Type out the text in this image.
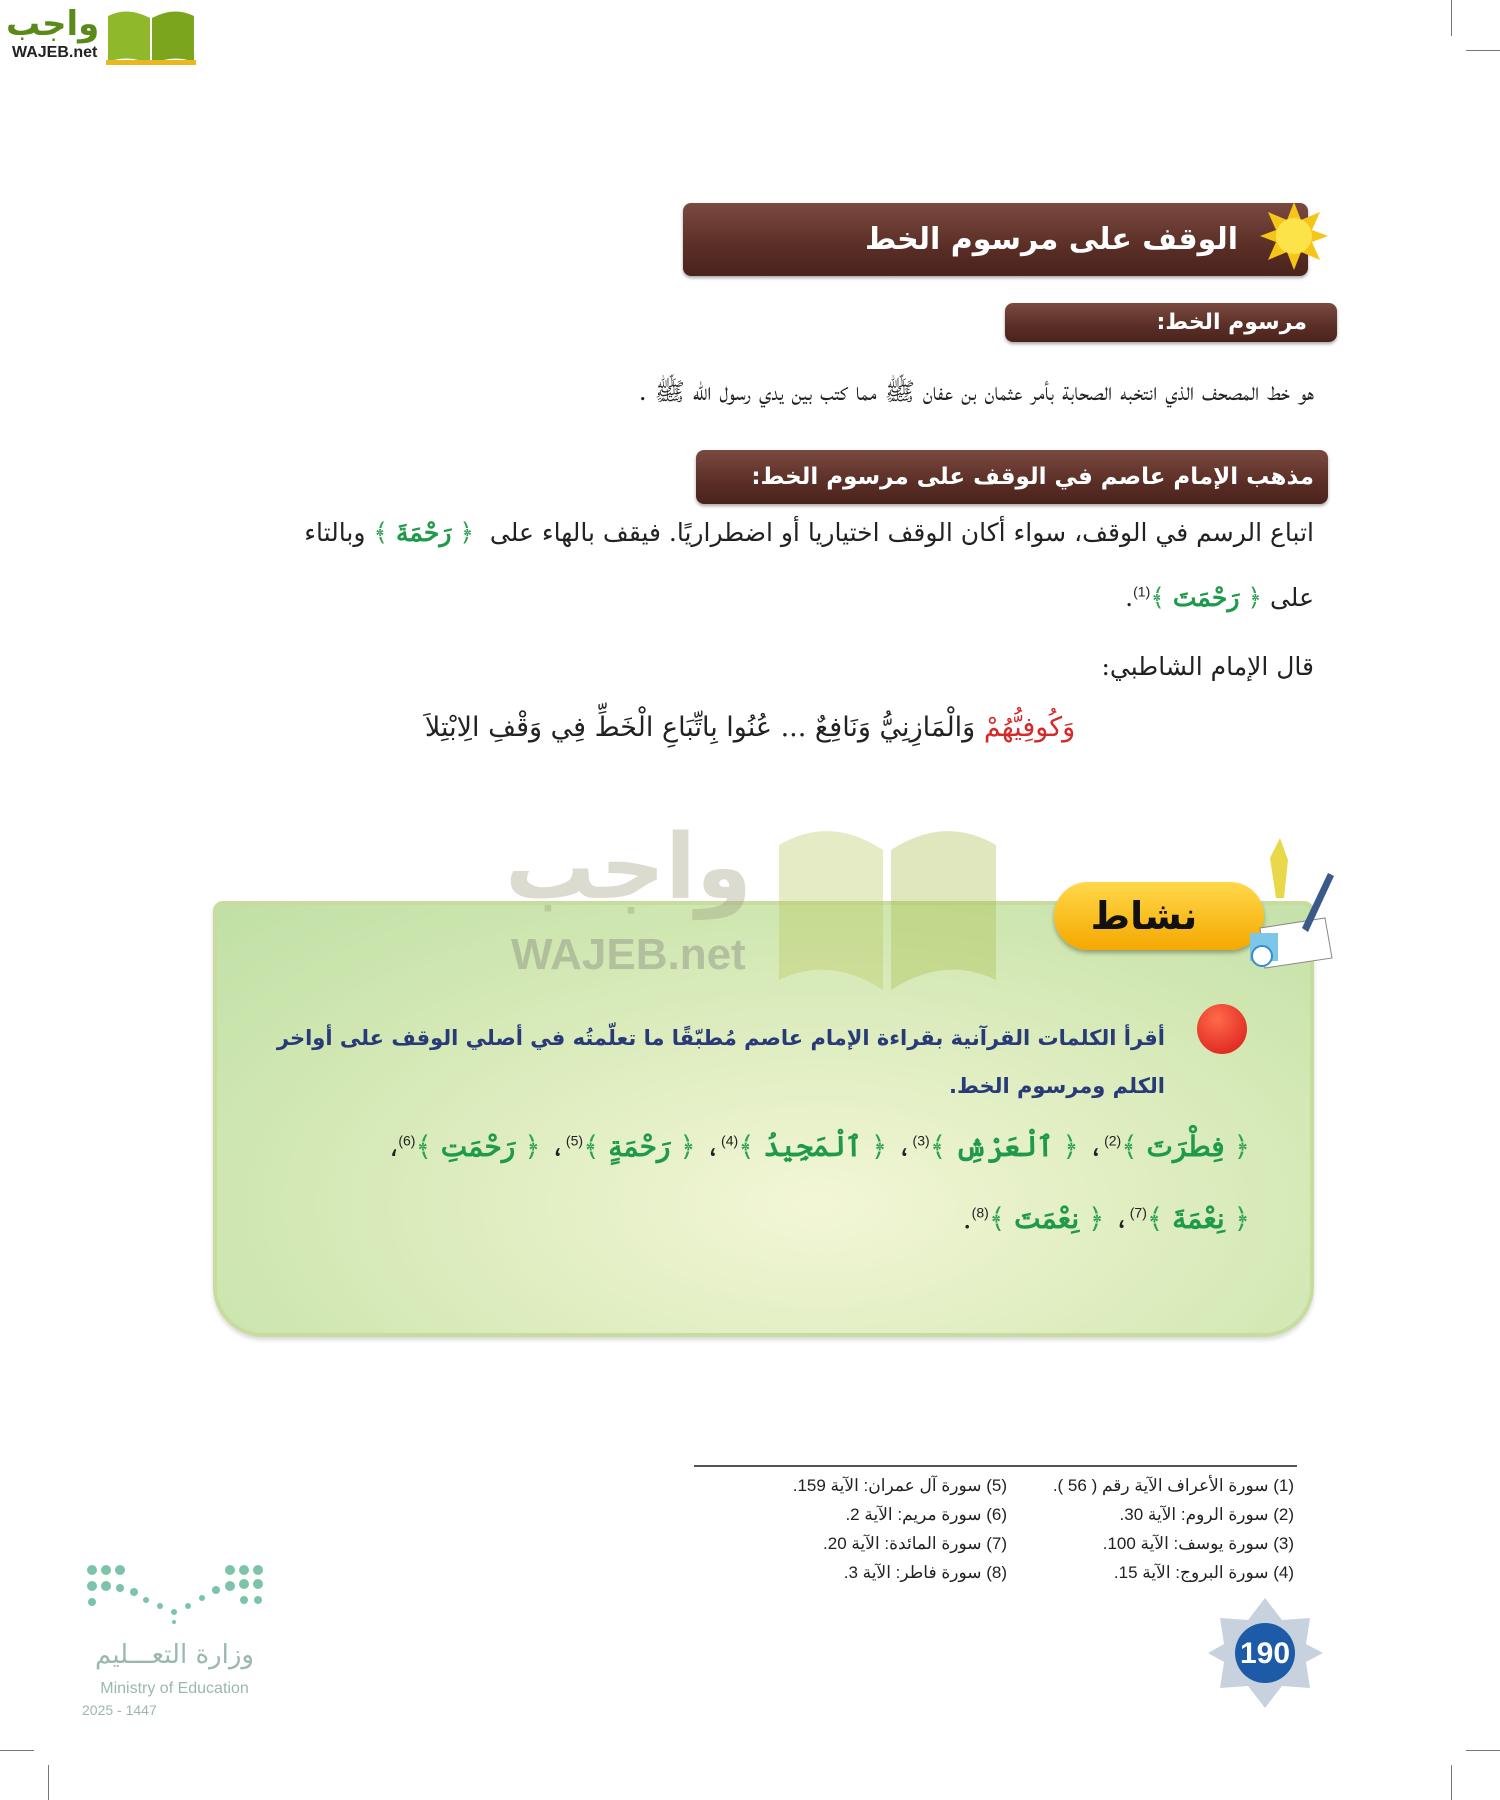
واجب
WAJEB.net
الوقف على مرسوم الخط
مرسوم الخط:
هو خط المصحف الذي انتخبه الصحابة بأمر عثمان بن عفان ﷺ مما كتب بين يدي رسول الله ﷺ .
مذهب الإمام عاصم في الوقف على مرسوم الخط:
اتباع الرسم في الوقف، سواء أكان الوقف اختياريا أو اضطراريًا. فيقف بالهاء على  ﴿ رَحْمَةَ ﴾ وبالتاء
على ﴿ رَحْمَتَ ﴾$^{(1)}$.
قال الإمام الشاطبي:
وَكُوفِيُّهُمْ وَالْمَازِنِيُّ وَنَافِعٌ ... عُنُوا بِاتِّبَاعِ الْخَطِّ فِي وَقْفِ الِابْتِلاَ
واجب
WAJEB.net
نشاط
أقرأ الكلمات القرآنية بقراءة الإمام عاصم مُطبّقًا ما تعلّمتُه في أصلي الوقف على أواخر الكلم ومرسوم الخط.
﴿ فِطْرَتَ ﴾$^{(2)}$، ﴿ ٱلْعَرْشِ ﴾$^{(3)}$، ﴿ ٱلْمَجِيدُ ﴾$^{(4)}$، ﴿ رَحْمَةٍ ﴾$^{(5)}$، ﴿ رَحْمَتِ ﴾$^{(6)}$،
﴿ نِعْمَةَ ﴾$^{(7)}$، ﴿ نِعْمَتَ ﴾$^{(8)}$.
(1) سورة الأعراف الآية رقم ( 56 ).
(2) سورة الروم: الآية 30.
(3) سورة يوسف: الآية 100.
(4) سورة البروج: الآية 15.
(5) سورة آل عمران: الآية 159.
(6) سورة مريم: الآية 2.
(7) سورة المائدة: الآية 20.
(8) سورة فاطر: الآية 3.
190
وزارة التعـــليم
Ministry of Education
2025 - 1447
